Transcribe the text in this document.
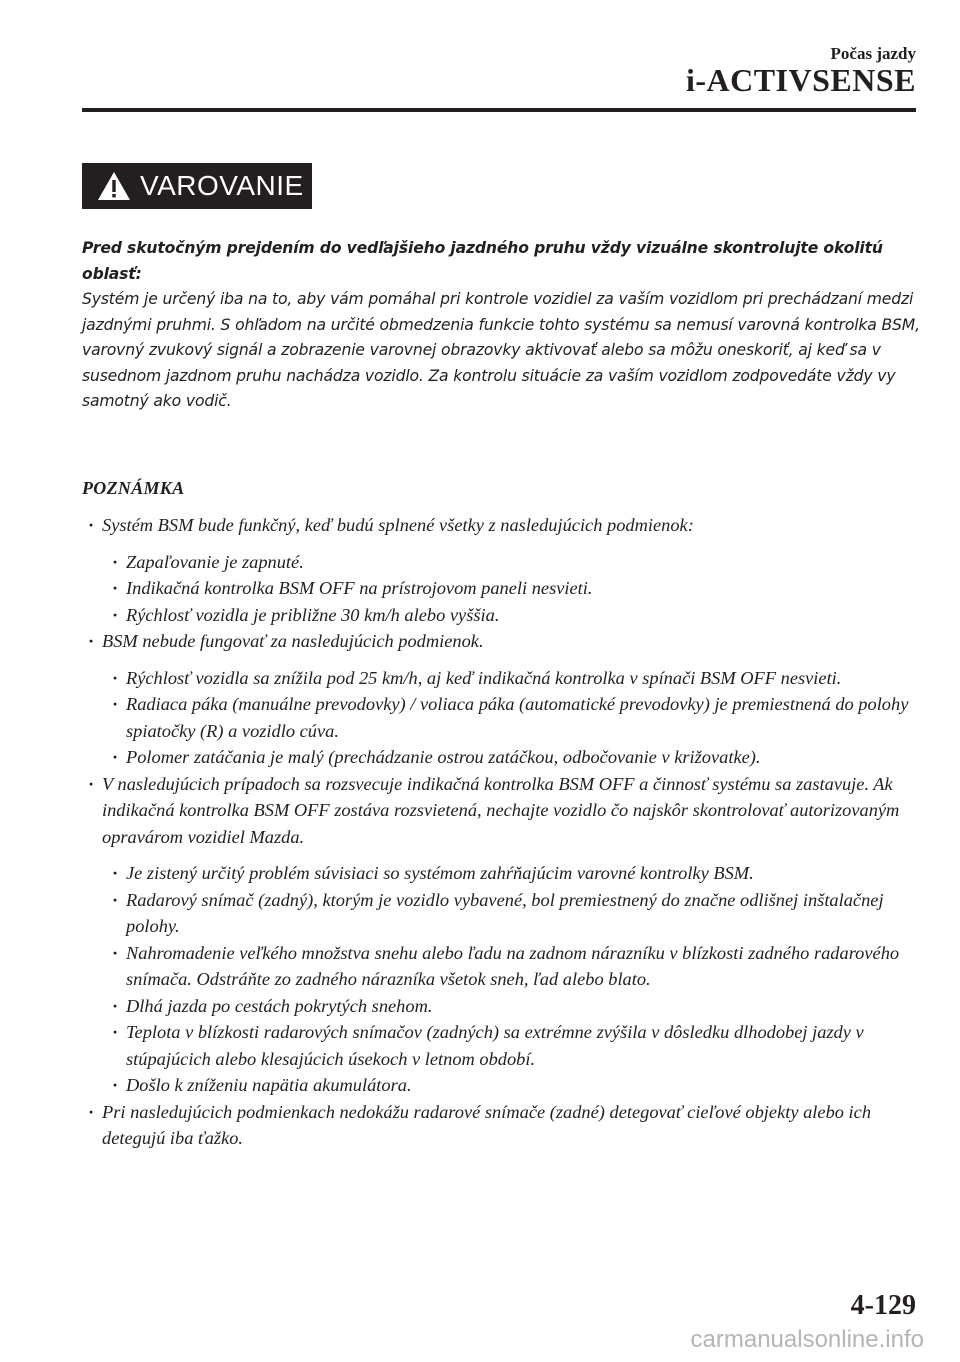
Počas jazdy
i-ACTIVSENSE
VAROVANIE
Pred skutočným prejdením do vedľajšieho jazdného pruhu vždy vizuálne skontrolujte okolitú oblasť:
Systém je určený iba na to, aby vám pomáhal pri kontrole vozidiel za vaším vozidlom pri prechádzaní medzi jazdnými pruhmi. S ohľadom na určité obmedzenia funkcie tohto systému sa nemusí varovná kontrolka BSM, varovný zvukový signál a zobrazenie varovnej obrazovky aktivovať alebo sa môžu oneskoriť, aj keď sa v susednom jazdnom pruhu nachádza vozidlo. Za kontrolu situácie za vaším vozidlom zodpovedáte vždy vy samotný ako vodič.
POZNÁMKA
· Systém BSM bude funkčný, keď budú splnené všetky z nasledujúcich podmienok:
· Zapaľovanie je zapnuté.
· Indikačná kontrolka BSM OFF na prístrojovom paneli nesvieti.
· Rýchlosť vozidla je približne 30 km/h alebo vyššia.
· BSM nebude fungovať za nasledujúcich podmienok.
· Rýchlosť vozidla sa znížila pod 25 km/h, aj keď indikačná kontrolka v spínači BSM OFF nesvieti.
· Radiaca páka (manuálne prevodovky) / voliaca páka (automatické prevodovky) je premiestnená do polohy spiatočky (R) a vozidlo cúva.
· Polomer zatáčania je malý (prechádzanie ostrou zatáčkou, odbočovanie v križovatke).
· V nasledujúcich prípadoch sa rozsvecuje indikačná kontrolka BSM OFF a činnosť systému sa zastavuje. Ak indikačná kontrolka BSM OFF zostáva rozsvietená, nechajte vozidlo čo najskôr skontrolovať autorizovaným opravárom vozidiel Mazda.
· Je zistený určitý problém súvisiaci so systémom zahŕňajúcim varovné kontrolky BSM.
· Radarový snímač (zadný), ktorým je vozidlo vybavené, bol premiestnený do značne odlišnej inštalačnej polohy.
· Nahromadenie veľkého množstva snehu alebo ľadu na zadnom nárazníku v blízkosti zadného radarového snímača. Odstráňte zo zadného nárazníka všetok sneh, ľad alebo blato.
· Dlhá jazda po cestách pokrytých snehom.
· Teplota v blízkosti radarových snímačov (zadných) sa extrémne zvýšila v dôsledku dlhodobej jazdy v stúpajúcich alebo klesajúcich úsekoch v letnom období.
· Došlo k zníženiu napätia akumulátora.
· Pri nasledujúcich podmienkach nedokážu radarové snímače (zadné) detegovať cieľové objekty alebo ich detegujú iba ťažko.
4-129
carmanualsonline.info
